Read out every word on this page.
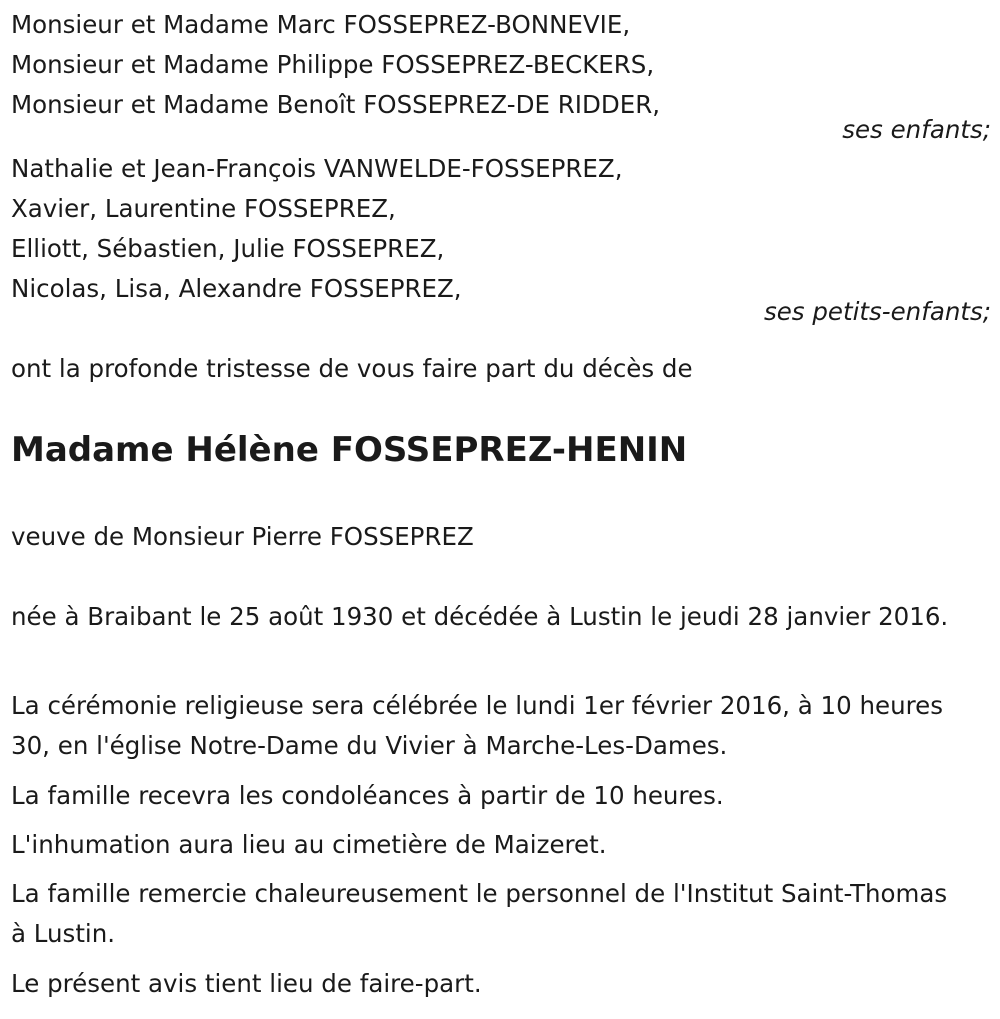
Monsieur et Madame Marc FOSSEPREZ-BONNEVIE,
Monsieur et Madame Philippe FOSSEPREZ-BECKERS,
Monsieur et Madame Benoît FOSSEPREZ-DE RIDDER,
ses enfants;
Nathalie et Jean-François VANWELDE-FOSSEPREZ,
Xavier, Laurentine FOSSEPREZ,
Elliott, Sébastien, Julie FOSSEPREZ,
Nicolas, Lisa, Alexandre FOSSEPREZ,
ses petits-enfants;
ont la profonde tristesse de vous faire part du décès de
Madame Hélène FOSSEPREZ-HENIN
veuve de Monsieur Pierre FOSSEPREZ
née à Braibant le 25 août 1930 et décédée à Lustin le jeudi 28 janvier 2016.
La cérémonie religieuse sera célébrée le lundi 1er février 2016, à 10 heures 30, en l'église Notre-Dame du Vivier à Marche-Les-Dames.
La famille recevra les condoléances à partir de 10 heures.
L'inhumation aura lieu au cimetière de Maizeret.
La famille remercie chaleureusement le personnel de l'Institut Saint-Thomas à Lustin.
Le présent avis tient lieu de faire-part.
